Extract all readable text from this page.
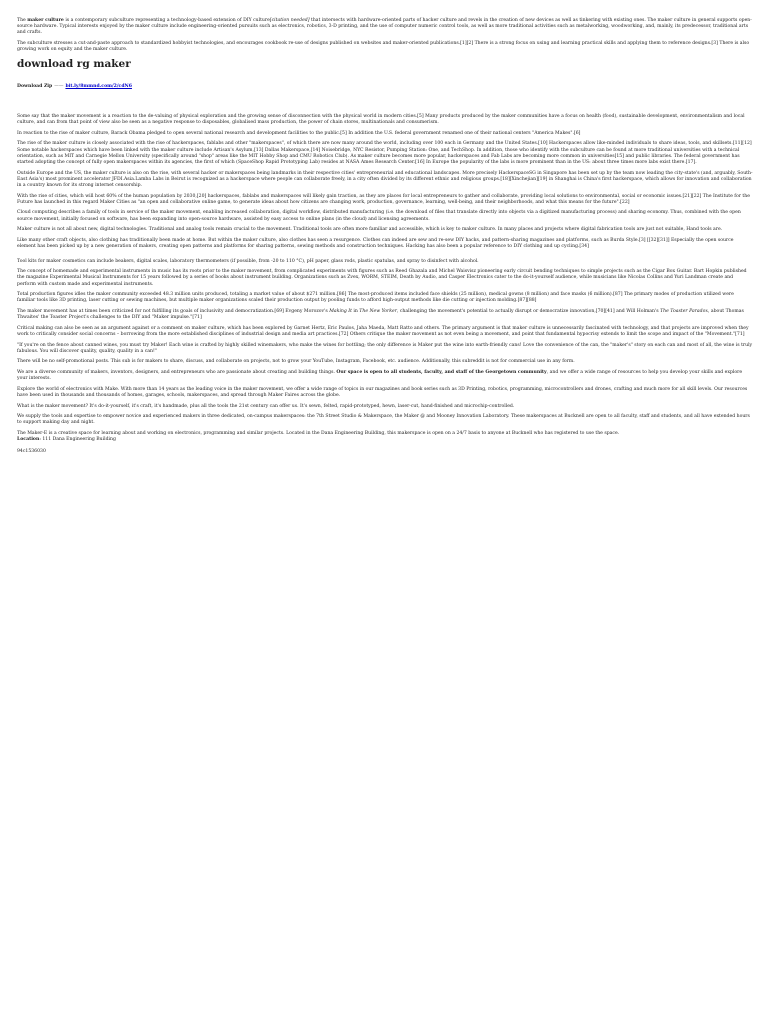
The maker culture is a contemporary subculture representing a technology-based extension of DIY culture[citation needed] that intersects with hardware-oriented parts of hacker culture and revels in the creation of new devices as well as tinkering with existing ones. The maker culture in general supports open-source hardware. Typical interests enjoyed by the maker culture include engineering-oriented pursuits such as electronics, robotics, 3-D printing, and the use of computer numeric control tools, as well as more traditional activities such as metalworking, woodworking, and, mainly, its predecessor, traditional arts and crafts.

The subculture stresses a cut-and-paste approach to standardized hobbyist technologies, and encourages cookbook re-use of designs published on websites and maker-oriented publications.[1][2] There is a strong focus on using and learning practical skills and applying them to reference designs.[3] There is also growing work on equity and the maker culture.

download rg maker
Download Zip —— bit.ly/8mmnd.com/2/cdN6

Some say that the maker movement is a reaction to the de-valuing of physical exploration and the growing sense of disconnection with the physical world in modern cities.[5] Many products produced by the maker communities have a focus on health (food), sustainable development, environmentalism and local culture, and can from that point of view also be seen as a negative response to disposables, globalised mass production, the power of chain stores, multinationals and consumerism.

In reaction to the rise of maker culture, Barack Obama pledged to open several national research and development facilities to the public.[5] In addition the U.S. federal government renamed one of their national centers "America Makes".[6]

The rise of the maker culture is closely associated with the rise of hackerspaces, fablabs and other "makerspaces", of which there are now many around the world, including over 100 each in Germany and the United States.[10] Hackerspaces allow like-minded individuals to share ideas, tools, and skillsets.[11][12] Some notable hackerspaces which have been linked with the maker culture include Artisan's Asylum,[13] Dallas Makerspace,[14] Noisebridge, NYC Resistor, Pumping Station: One, and TechShop. In addition, those who identify with the subculture can be found at more traditional universities with a technical orientation, such as MIT and Carnegie Mellon University (specifically around "shop" areas like the MIT Hobby Shop and CMU Robotics Club). As maker culture becomes more popular, hackerspaces and Fab Labs are becoming more common in universities[15] and public libraries. The federal government has started adopting the concept of fully open makerspaces within its agencies, the first of which (SpaceShop Rapid Prototyping Lab) resides at NASA Ames Research Center.[16] In Europe the popularity of the labs is more prominent than in the US: about three times more labs exist there.[17].

Outside Europe and the US, the maker culture is also on the rise, with several hacker or makerspaces being landmarks in their respective cities' entrepreneurial and educational landscapes. More precisely HackerspaceSG in Singapore has been set up by the team now leading the city-state's (and, arguably, South-East Asia's) most prominent accelerator JFDI.Asia.Lamba Labs in Beirut is recognized as a hackerspace where people can collaborate freely, in a city often divided by its different ethnic and religious groups.[18][Xinchejian][19] in Shanghai is China's first hackerspace, which allows for innovation and collaboration in a country known for its strong internet censorship.

With the rise of cities, which will host 60% of the human population by 2030,[20] hackerspaces, fablabs and makerspaces will likely gain traction, as they are places for local entrepreneurs to gather and collaborate, providing local solutions to environmental, social or economic issues.[21][22] The Institute for the Future has launched in this regard Maker Cities as "an open and collaborative online game, to generate ideas about how citizens are changing work, production, governance, learning, well-being, and their neighborhoods, and what this means for the future".[22]

Cloud computing describes a family of tools in service of the maker movement, enabling increased collaboration, digital workflow, distributed manufacturing (i.e. the download of files that translate directly into objects via a digitized manufacturing process) and sharing economy. Thus, combined with the open source movement, initially focused on software, has been expanding into open-source hardware, assisted by easy access to online plans (in the cloud) and licensing agreements.

Maker culture is not all about new, digital technologies. Traditional and analog tools remain crucial to the movement. Traditional tools are often more familiar and accessible, which is key to maker culture. In many places and projects where digital fabrication tools are just not suitable, Hand tools are.

Like many other craft objects, also clothing has traditionally been made at home. But within the maker culture, also clothes has seen a resurgence. Clothes can indeed are sew and re-sew DIY hacks, and pattern-sharing magazines and platforms, such as Burda Style.[3] [[32][31]] Especially the open source element has been picked up by a new generation of makers, creating open patterns and platforms for sharing patterns, sewing methods and construction techniques. Hacking has also been a popular reference to DIY clothing and up cycling.[34]

Tool kits for maker cosmetics can include beakers, digital scales, laboratory thermometers (if possible, from -20 to 110 °C), pH paper, glass rods, plastic spatulas, and spray to disinfect with alcohol.

The concept of homemade and experimental instruments in music has its roots prior to the maker movement, from complicated experiments with figures such as Reed Ghazala and Michel Waisvisz pioneering early circuit bending techniques to simple projects such as the Cigar Box Guitar. Bart Hopkin published the magazine Experimental Musical Instruments for 15 years followed by a series of books about instrument building. Organizations such as Zvex, WORM, STEIM, Death by Audio, and Casper Electronics cater to the do-it-yourself audience, while musicians like Nicolas Collins and Yuri Landman create and perform with custom made and experimental instruments.

Total production figures idles the maker community exceeded 48.3 million units produced, totaling a market value of about $271 million.[86] The most-produced items included face shields (25 million), medical gowns (8 million) and face masks (6 million).[87] The primary modes of production utilized were familiar tools like 3D printing, laser cutting or sewing machines, but multiple maker organizations scaled their production output by pooling funds to afford high-output methods like die cutting or injection molding.[87][88]

The maker movement has at times been criticized for not fulfilling its goals of inclusivity and democratization.[69] Evgeny Morozov's Making It in The New Yorker, challenging the movement's potential to actually disrupt or democratize innovation,[70][41] and Will Holman's The Toaster Paradox, about Thomas Thwaites' the Toaster Project's challenges to the DIY and "Maker impulse."[71]

Critical making can also be seen as an argument against or a comment on maker culture, which has been explored by Garnet Hertz, Eric Paulos, Jaha Maeda, Matt Ratto and others. The primary argument is that maker culture is unnecessarily fascinated with technology, and that projects are improved when they work to critically consider social concerns – borrowing from the more established disciplines of industrial design and media art practices.[72] Others critique the maker movement as not even being a movement, and point that fundamental hypocrisy extends to limit the scope and impact of the "Movement."[71]

"If you're on the fence about canned wines, you must try Maker! Each wine is crafted by highly skilled winemakers, who make the wines for bottling; the only difference is Maker put the wine into earth-friendly cans! Love the convenience of the can, the "maker's" story on each can and most of all, the wine is truly fabulous. You will discover quality, quality, quality in a can!"

There will be no self-promotional posts. This sub is for makers to share, discuss, and collaborate on projects, not to grow your YouTube, Instagram, Facebook, etc. audience. Additionally, this subreddit is not for commercial use in any form.

We are a diverse community of makers, inventors, designers, and entrepreneurs who are passionate about creating and building things. Our space is open to all students, faculty, and staff of the Georgetown community, and we offer a wide range of resources to help you develop your skills and explore your interests.

Explore the world of electronics with Make. With more than 14 years as the leading voice in the maker movement, we offer a wide range of topics in our magazines and book series such as 3D Printing, robotics, programming, microcontrollers and drones, crafting and much more for all skill levels. Our resources have been used in thousands and thousands of homes, garages, schools, makerspaces, and spread through Maker Faires across the globe.

What is the maker movement? It's do-it-yourself, it's craft, it's handmade, plus all the tools the 21st century can offer us. It's sewn, felted, rapid-prototyped, hewn, laser-cut, hand-finished and microchip-controlled.

We supply the tools and expertise to empower novice and experienced makers in three dedicated, on-campus makerspaces: the 7th Street Studio & Makerspace, the Maker @ and Mooney Innovation Laboratory. These makerspaces at Bucknell are open to all faculty, staff and students, and all have extended hours to support making day and night.

The Maker-E is a creative space for learning about and working on electronics, programming and similar projects. Located in the Dana Engineering Building, this makerspace is open on a 24/7 basis to anyone at Bucknell who has registered to use the space.
Location: 111 Dana Engineering Building

94c1536030
